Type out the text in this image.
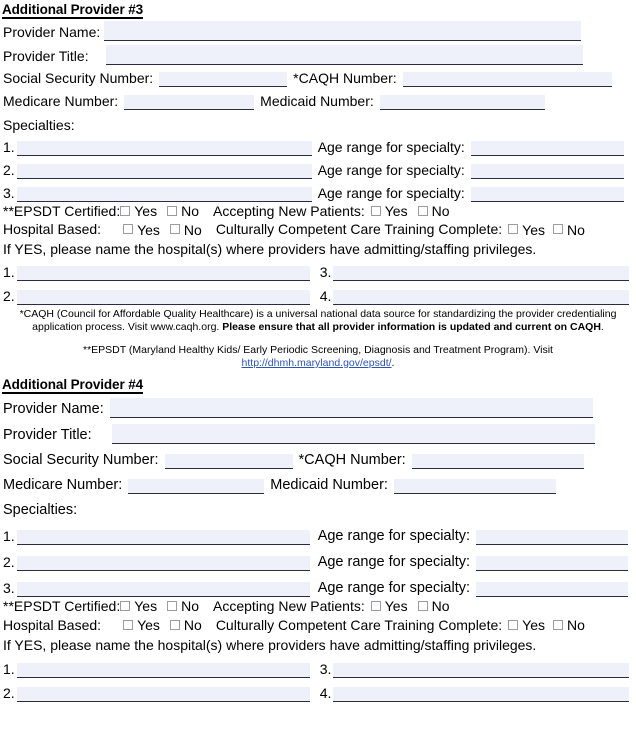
Additional Provider #3
Provider Name:
Provider Title:
Social Security Number:	*CAQH Number:
Medicare Number:	Medicaid Number:
Specialties:
1.	Age range for specialty:
2.	Age range for specialty:
3.	Age range for specialty:
**EPSDT Certified: Yes No Accepting New Patients: Yes No
Hospital Based:	Yes No Culturally Competent Care Training Complete: Yes No
If YES, please name the hospital(s) where providers have admitting/staffing privileges.
1.	3.
2.	4.
*CAQH (Council for Affordable Quality Healthcare) is a universal national data source for standardizing the provider credentialing
application process. Visit www.caqh.org. Please ensure that all provider information is updated and current on CAQH.
**EPSDT (Maryland Healthy Kids/ Early Periodic Screening, Diagnosis and Treatment Program). Visit
http://dhmh.maryland.gov/epsdt/.
Additional Provider #4
Provider Name:
Provider Title:
Social Security Number:	*CAQH Number:
Medicare Number:	Medicaid Number:
Specialties:
1.	Age range for specialty:
2.	Age range for specialty:
3.	Age range for specialty:
**EPSDT Certified: Yes No Accepting New Patients: Yes No
Hospital Based:	Yes No Culturally Competent Care Training Complete: Yes No
If YES, please name the hospital(s) where providers have admitting/staffing privileges.
1.	3.
2.	4.
